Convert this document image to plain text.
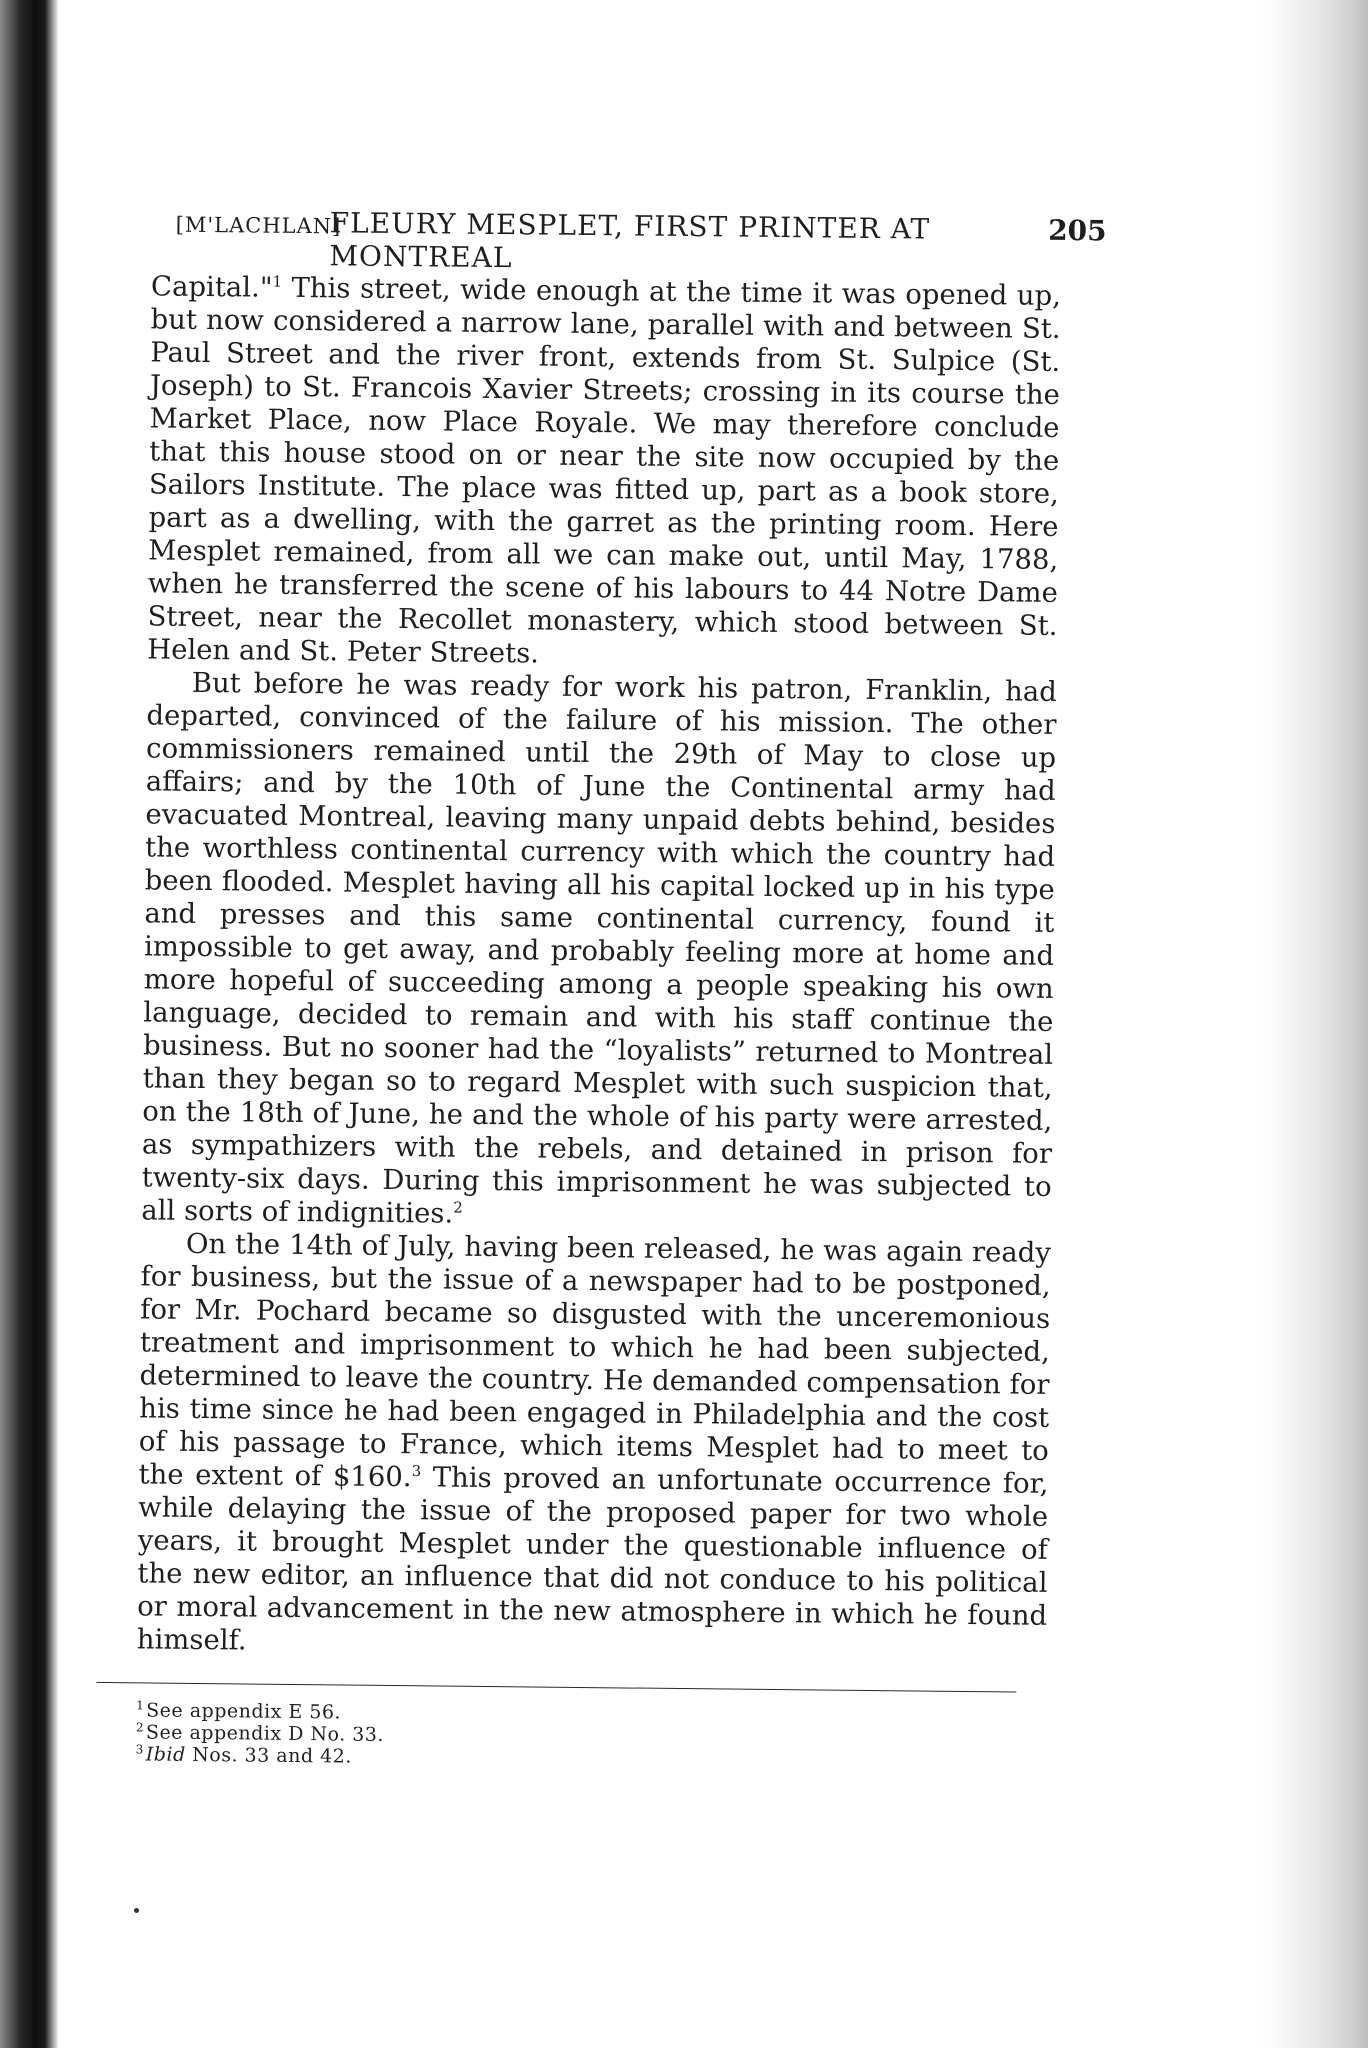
[M'LACHLAN]
FLEURY MESPLET, FIRST PRINTER AT MONTREAL
205

Capital."$^1$ This street, wide enough at the time it was opened up, but now considered a narrow lane, parallel with and between St. Paul Street and the river front, extends from St. Sulpice (St. Joseph) to St. Francois Xavier Streets; crossing in its course the Market Place, now Place Royale. We may therefore conclude that this house stood on or near the site now occupied by the Sailors Institute. The place was fitted up, part as a book store, part as a dwelling, with the garret as the printing room. Here Mesplet remained, from all we can make out, until May, 1788, when he transferred the scene of his labours to 44 Notre Dame Street, near the Recollet monastery, which stood between St. Helen and St. Peter Streets.

But before he was ready for work his patron, Franklin, had departed, convinced of the failure of his mission. The other commissioners remained until the 29th of May to close up affairs; and by the 10th of June the Continental army had evacuated Montreal, leaving many unpaid debts behind, besides the worthless continental currency with which the country had been flooded. Mesplet having all his capital locked up in his type and presses and this same continental currency, found it impossible to get away, and probably feeling more at home and more hopeful of succeeding among a people speaking his own language, decided to remain and with his staff continue the business. But no sooner had the “loyalists” returned to Montreal than they began so to regard Mesplet with such suspicion that, on the 18th of June, he and the whole of his party were arrested, as sympathizers with the rebels, and detained in prison for twenty-six days. During this imprisonment he was subjected to all sorts of indignities.$^2$

On the 14th of July, having been released, he was again ready for business, but the issue of a newspaper had to be postponed, for Mr. Pochard became so disgusted with the unceremonious treatment and imprisonment to which he had been subjected, determined to leave the country. He demanded compensation for his time since he had been engaged in Philadelphia and the cost of his passage to France, which items Mesplet had to meet to the extent of $160.$^3$ This proved an unfortunate occurrence for, while delaying the issue of the proposed paper for two whole years, it brought Mesplet under the questionable influence of the new editor, an influence that did not conduce to his political or moral advancement in the new atmosphere in which he found himself.

$^1$See appendix E 56.
$^2$See appendix D No. 33.
$^3$Ibid Nos. 33 and 42.
